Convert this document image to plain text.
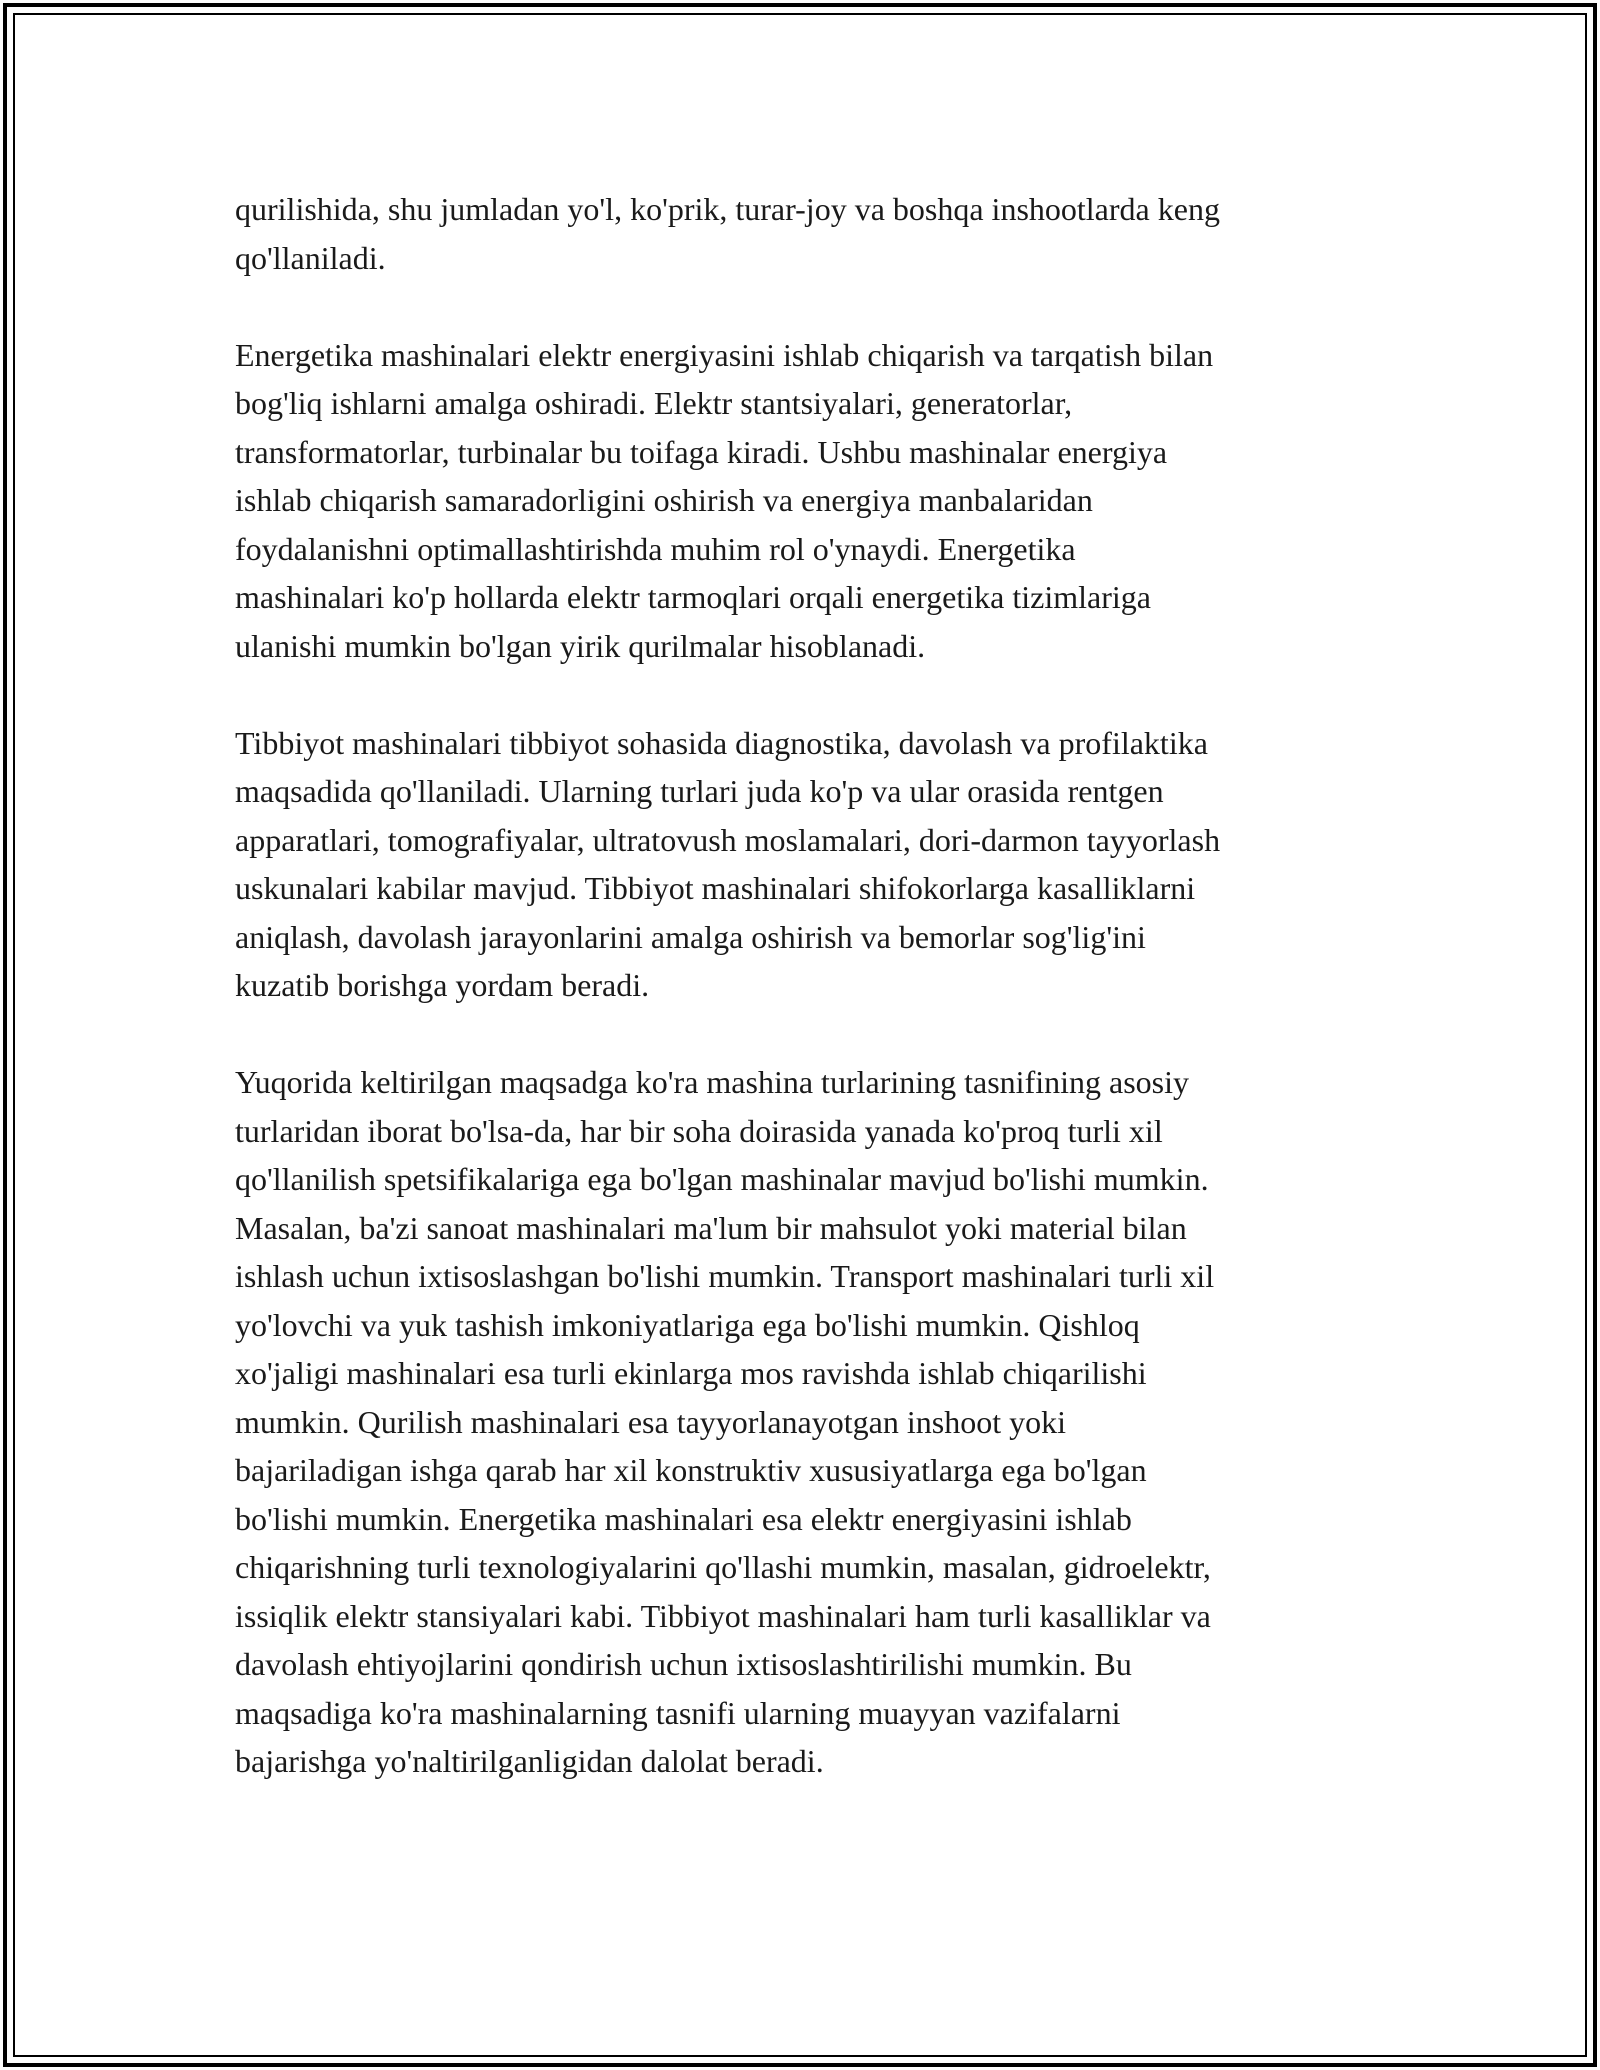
qurilishida, shu jumladan yo'l, ko'prik, turar-joy va boshqa inshootlarda keng
qo'llaniladi.

Energetika mashinalari elektr energiyasini ishlab chiqarish va tarqatish bilan
bog'liq ishlarni amalga oshiradi. Elektr stantsiyalari, generatorlar,
transformatorlar, turbinalar bu toifaga kiradi. Ushbu mashinalar energiya
ishlab chiqarish samaradorligini oshirish va energiya manbalaridan
foydalanishni optimallashtirishda muhim rol o'ynaydi. Energetika
mashinalari ko'p hollarda elektr tarmoqlari orqali energetika tizimlariga
ulanishi mumkin bo'lgan yirik qurilmalar hisoblanadi.

Tibbiyot mashinalari tibbiyot sohasida diagnostika, davolash va profilaktika
maqsadida qo'llaniladi. Ularning turlari juda ko'p va ular orasida rentgen
apparatlari, tomografiyalar, ultratovush moslamalari, dori-darmon tayyorlash
uskunalari kabilar mavjud. Tibbiyot mashinalari shifokorlarga kasalliklarni
aniqlash, davolash jarayonlarini amalga oshirish va bemorlar sog'lig'ini
kuzatib borishga yordam beradi.

Yuqorida keltirilgan maqsadga ko'ra mashina turlarining tasnifining asosiy
turlaridan iborat bo'lsa-da, har bir soha doirasida yanada ko'proq turli xil
qo'llanilish spetsifikalariga ega bo'lgan mashinalar mavjud bo'lishi mumkin.
Masalan, ba'zi sanoat mashinalari ma'lum bir mahsulot yoki material bilan
ishlash uchun ixtisoslashgan bo'lishi mumkin. Transport mashinalari turli xil
yo'lovchi va yuk tashish imkoniyatlariga ega bo'lishi mumkin. Qishloq
xo'jaligi mashinalari esa turli ekinlarga mos ravishda ishlab chiqarilishi
mumkin. Qurilish mashinalari esa tayyorlanayotgan inshoot yoki
bajariladigan ishga qarab har xil konstruktiv xususiyatlarga ega bo'lgan
bo'lishi mumkin. Energetika mashinalari esa elektr energiyasini ishlab
chiqarishning turli texnologiyalarini qo'llashi mumkin, masalan, gidroelektr,
issiqlik elektr stansiyalari kabi. Tibbiyot mashinalari ham turli kasalliklar va
davolash ehtiyojlarini qondirish uchun ixtisoslashtirilishi mumkin. Bu
maqsadiga ko'ra mashinalarning tasnifi ularning muayyan vazifalarni
bajarishga yo'naltirilganligidan dalolat beradi.
